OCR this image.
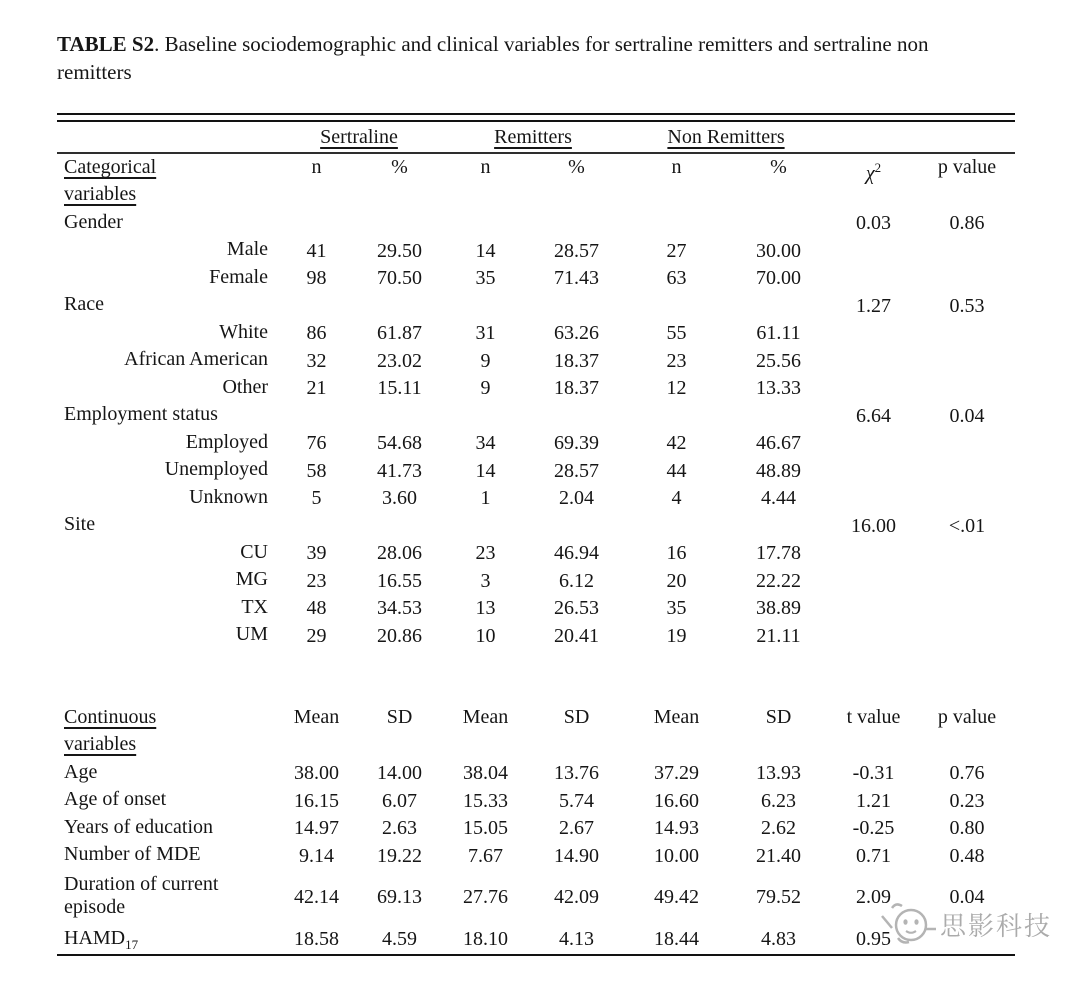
TABLE S2. Baseline sociodemographic and clinical variables for sertraline remitters and sertraline non remitters
Sertraline	Remitters	Non Remitters
Categorical variables
n	%	n	%	n	%	$\chi^2$	p value
Gender	0.03	0.86
Male	41	29.50	14	28.57	27	30.00
Female	98	70.50	35	71.43	63	70.00
Race	1.27	0.53
White	86	61.87	31	63.26	55	61.11
African American	32	23.02	9	18.37	23	25.56
Other	21	15.11	9	18.37	12	13.33
Employment status	6.64	0.04
Employed	76	54.68	34	69.39	42	46.67
Unemployed	58	41.73	14	28.57	44	48.89
Unknown	5	3.60	1	2.04	4	4.44
Site	16.00	<.01
CU	39	28.06	23	46.94	16	17.78
MG	23	16.55	3	6.12	20	22.22
TX	48	34.53	13	26.53	35	38.89
UM	29	20.86	10	20.41	19	21.11
Continuous variables
Mean	SD	Mean	SD	Mean	SD	t value	p value
Age	38.00	14.00	38.04	13.76	37.29	13.93	-0.31	0.76
Age of onset	16.15	6.07	15.33	5.74	16.60	6.23	1.21	0.23
Years of education	14.97	2.63	15.05	2.67	14.93	2.62	-0.25	0.80
Number of MDE	9.14	19.22	7.67	14.90	10.00	21.40	0.71	0.48
Duration of current episode	42.14	69.13	27.76	42.09	49.42	79.52	2.09	0.04
$HAMD_{17}$	18.58	4.59	18.10	4.13	18.44	4.83	0.95	思影科技
